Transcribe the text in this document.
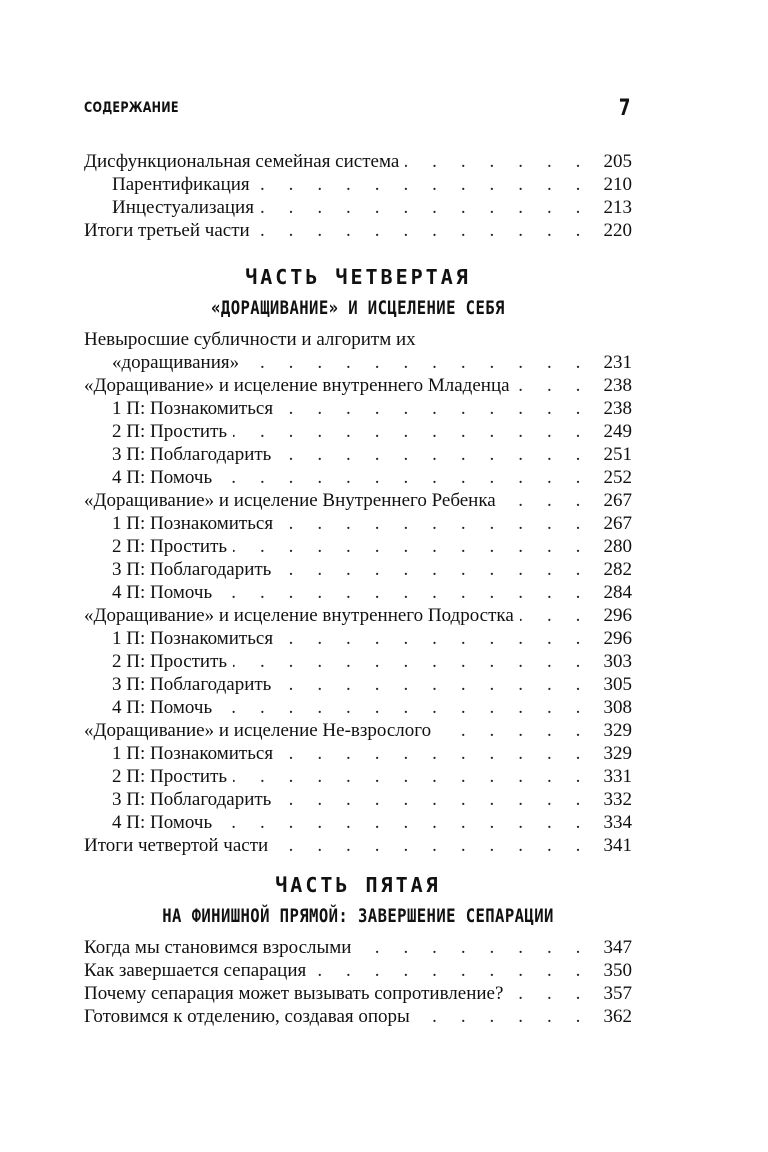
СОДЕРЖАНИЕ	7
Дисфункциональная семейная система . . .	205
Парентификация . . .	210
Инцестуализация . . .	213
Итоги третьей части . . .	220
ЧАСТЬ ЧЕТВЕРТАЯ
«ДОРАЩИВАНИЕ» И ИСЦЕЛЕНИЕ СЕБЯ
Невыросшие субличности и алгоритм их
«доращивания» . . .	231
«Доращивание» и исцеление внутреннего Младенца . . .	238
1 П: Познакомиться . . .	238
2 П: Простить . . .	249
3 П: Поблагодарить . . .	251
4 П: Помочь . . .	252
«Доращивание» и исцеление Внутреннего Ребенка . . .	267
1 П: Познакомиться . . .	267
2 П: Простить . . .	280
3 П: Поблагодарить . . .	282
4 П: Помочь . . .	284
«Доращивание» и исцеление внутреннего Подростка . . .	296
1 П: Познакомиться . . .	296
2 П: Простить . . .	303
3 П: Поблагодарить . . .	305
4 П: Помочь . . .	308
«Доращивание» и исцеление Не-взрослого . . .	329
1 П: Познакомиться . . .	329
2 П: Простить . . .	331
3 П: Поблагодарить . . .	332
4 П: Помочь . . .	334
Итоги четвертой части . . .	341
ЧАСТЬ ПЯТАЯ
НА ФИНИШНОЙ ПРЯМОЙ: ЗАВЕРШЕНИЕ СЕПАРАЦИИ
Когда мы становимся взрослыми . . .	347
Как завершается сепарация . . .	350
Почему сепарация может вызывать сопротивление? . . .	357
Готовимся к отделению, создавая опоры . . .	362
